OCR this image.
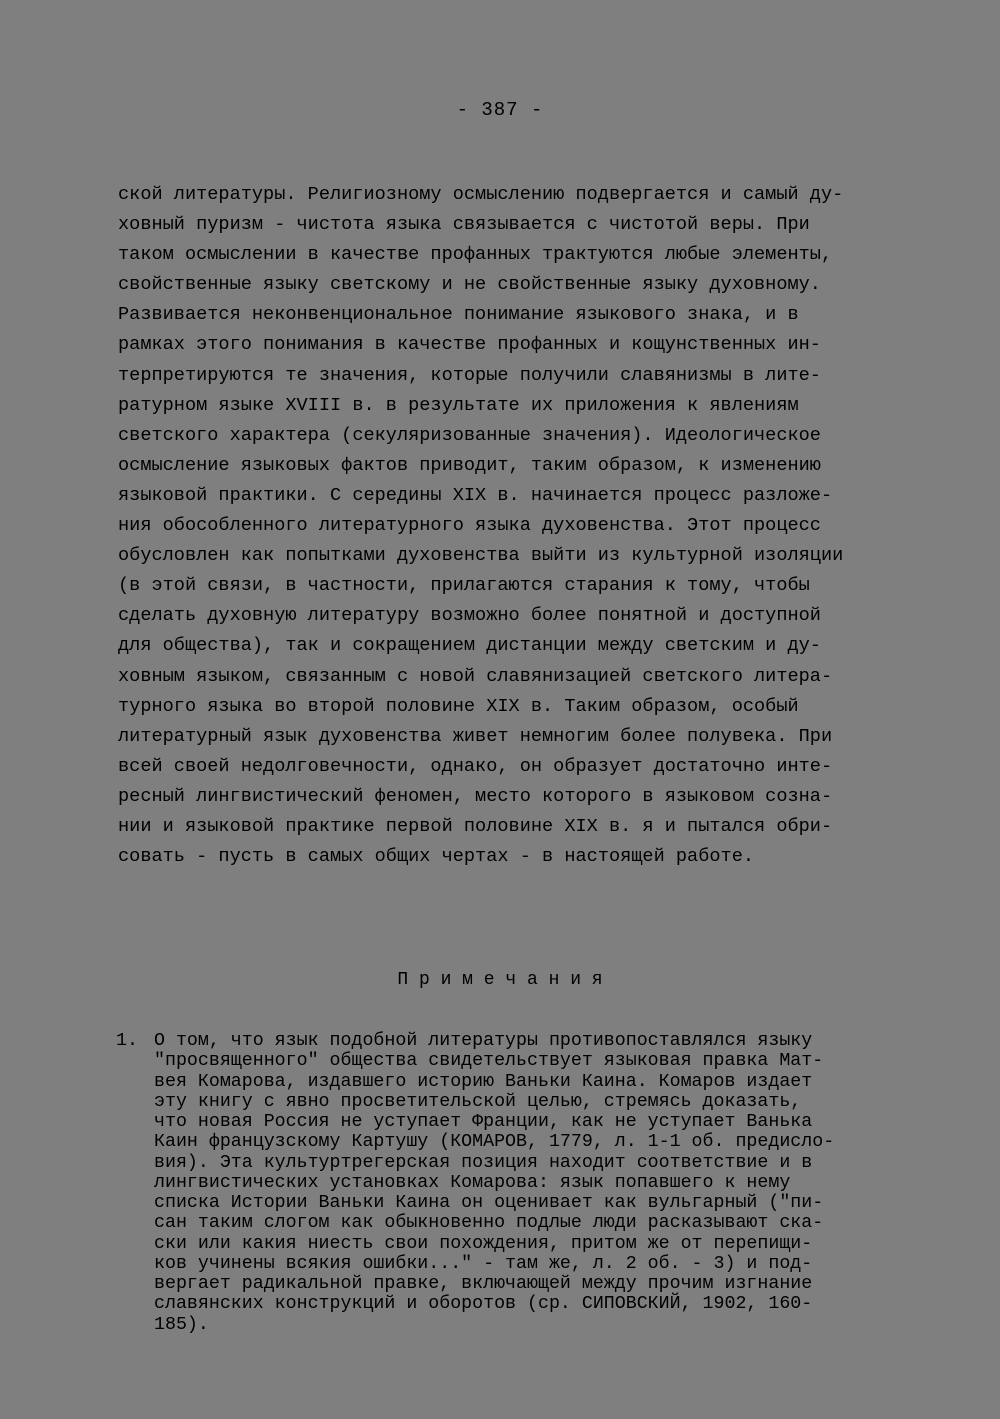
- 387 -
ской литературы. Религиозному осмыслению подвергается и самый ду-
ховный пуризм - чистота языка связывается с чистотой веры. При
таком осмыслении в качестве профанных трактуются любые элементы,
свойственные языку светскому и не свойственные языку духовному.
Развивается неконвенциональное понимание языкового знака, и в
рамках этого понимания в качестве профанных и кощунственных ин-
терпретируются те значения, которые получили славянизмы в лите-
ратурном языке XVIII в. в результате их приложения к явлениям
светского характера (секуляризованные значения). Идеологическое
осмысление языковых фактов приводит, таким образом, к изменению
языковой практики. С середины XIX в. начинается процесс разложе-
ния обособленного литературного языка духовенства. Этот процесс
обусловлен как попытками духовенства выйти из культурной изоляции
(в этой связи, в частности, прилагаются старания к тому, чтобы
сделать духовную литературу возможно более понятной и доступной
для общества), так и сокращением дистанции между светским и ду-
ховным языком, связанным с новой славянизацией светского литера-
турного языка во второй половине XIX в. Таким образом, особый
литературный язык духовенства живет немногим более полувека. При
всей своей недолговечности, однако, он образует достаточно инте-
ресный лингвистический феномен, место которого в языковом созна-
нии и языковой практике первой половине XIX в. я и пытался обри-
совать - пусть в самых общих чертах - в настоящей работе.
П р и м е ч а н и я
1. О том, что язык подобной литературы противопоставлялся языку
"просвященного" общества свидетельствует языковая правка Мат-
вея Комарова, издавшего историю Ваньки Каина. Комаров издает
эту книгу с явно просветительской целью, стремясь доказать,
что новая Россия не уступает Франции, как не уступает Ванька
Каин французскому Картушу (КОМАРОВ, 1779, л. 1-1 об. предисло-
вия). Эта культуртрегерская позиция находит соответствие и в
лингвистических установках Комарова: язык попавшего к нему
списка Истории Ваньки Каина он оценивает как вульгарный ("пи-
сан таким слогом как обыкновенно подлые люди расказывают ска-
ски или какия ниесть свои похождения, притом же от перепищи-
ков учинены всякия ошибки..." - там же, л. 2 об. - 3) и под-
вергает радикальной правке, включающей между прочим изгнание
славянских конструкций и оборотов (ср. СИПОВСКИЙ, 1902, 160-
185).
